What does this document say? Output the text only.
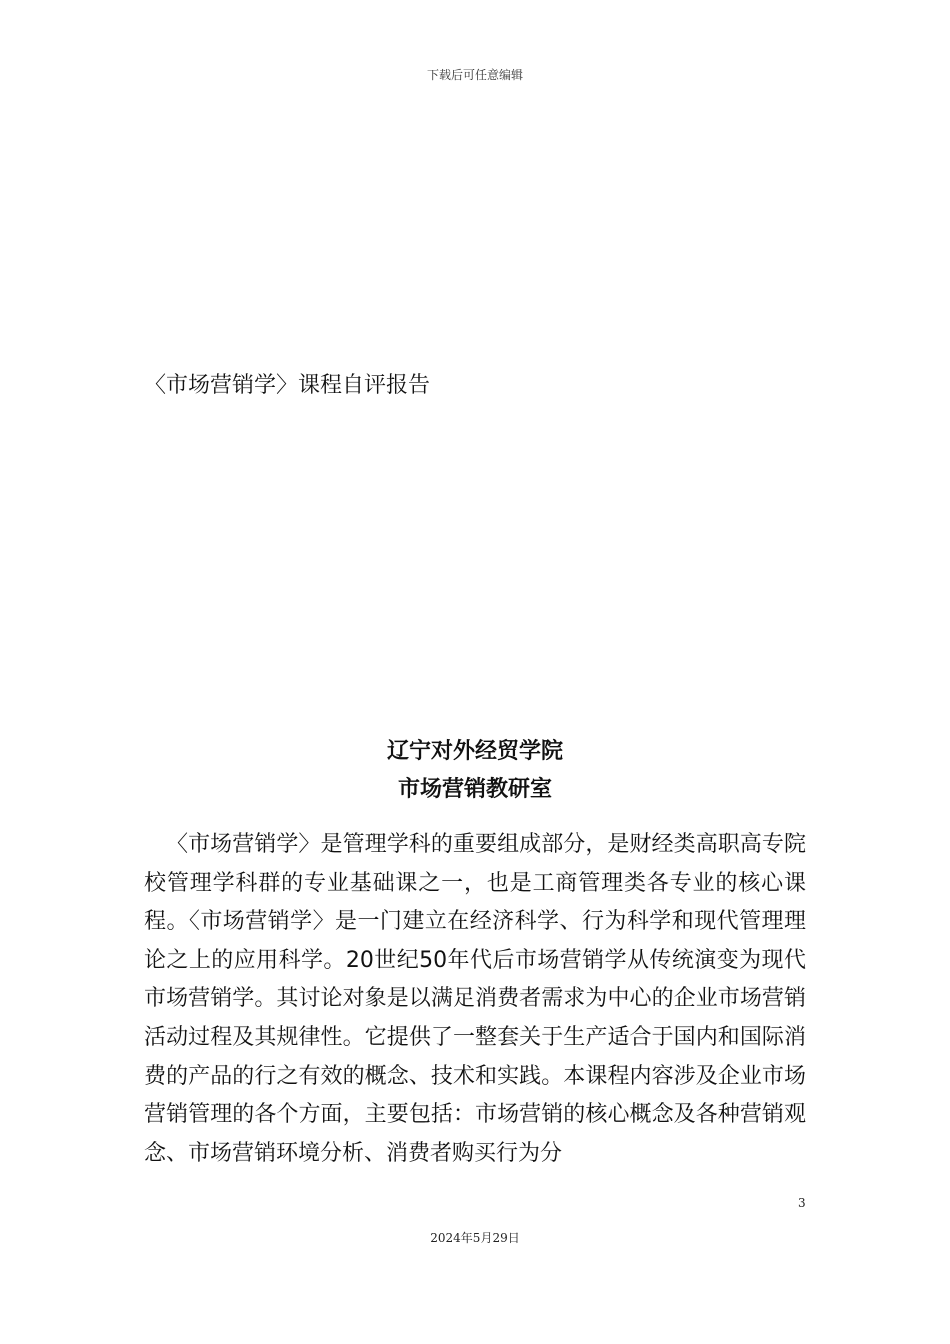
下载后可任意编辑
〈市场营销学〉课程自评报告
辽宁对外经贸学院
市场营销教研室
〈市场营销学〉是管理学科的重要组成部分，是财经类高职高专院校管理学科群的专业基础课之一，也是工商管理类各专业的核心课程。〈市场营销学〉是一门建立在经济科学、行为科学和现代管理理论之上的应用科学。20世纪50年代后市场营销学从传统演变为现代市场营销学。其讨论对象是以满足消费者需求为中心的企业市场营销活动过程及其规律性。它提供了一整套关于生产适合于国内和国际消费的产品的行之有效的概念、技术和实践。本课程内容涉及企业市场营销管理的各个方面，主要包括：市场营销的核心概念及各种营销观念、市场营销环境分析、消费者购买行为分
3
2024年5月29日
